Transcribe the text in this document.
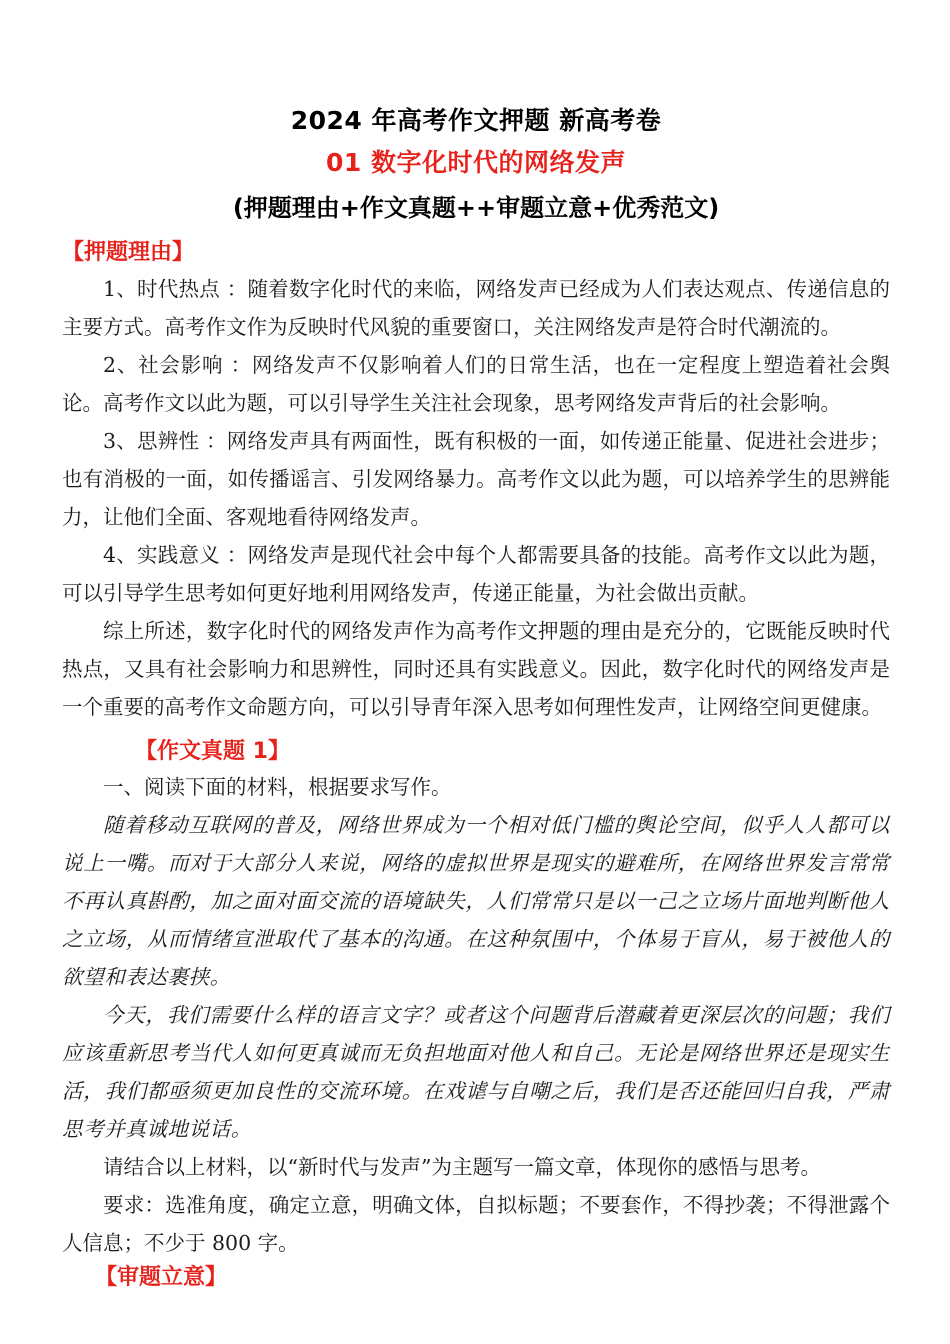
2024 年高考作文押题 新高考卷
01 数字化时代的网络发声
(押题理由+作文真题++审题立意+优秀范文)
【押题理由】

1、时代热点 ：随着数字化时代的来临，网络发声已经成为人们表达观点、传递信息的主要方式。高考作文作为反映时代风貌的重要窗口，关注网络发声是符合时代潮流的。

2、社会影响 ：网络发声不仅影响着人们的日常生活，也在一定程度上塑造着社会舆论。高考作文以此为题，可以引导学生关注社会现象，思考网络发声背后的社会影响。

3、思辨性 ：网络发声具有两面性，既有积极的一面，如传递正能量、促进社会进步；也有消极的一面，如传播谣言、引发网络暴力。高考作文以此为题，可以培养学生的思辨能力，让他们全面、客观地看待网络发声。

4、实践意义 ：网络发声是现代社会中每个人都需要具备的技能。高考作文以此为题，可以引导学生思考如何更好地利用网络发声，传递正能量，为社会做出贡献。

综上所述，数字化时代的网络发声作为高考作文押题的理由是充分的，它既能反映时代热点，又具有社会影响力和思辨性，同时还具有实践意义。因此，数字化时代的网络发声是一个重要的高考作文命题方向，可以引导青年深入思考如何理性发声，让网络空间更健康。

【作文真题 1】

一、阅读下面的材料，根据要求写作。

随着移动互联网的普及，网络世界成为一个相对低门槛的舆论空间，似乎人人都可以说上一嘴。而对于大部分人来说，网络的虚拟世界是现实的避难所，在网络世界发言常常不再认真斟酌，加之面对面交流的语境缺失，人们常常只是以一己之立场片面地判断他人之立场，从而情绪宣泄取代了基本的沟通。在这种氛围中，个体易于盲从，易于被他人的欲望和表达裹挟。

今天，我们需要什么样的语言文字？或者这个问题背后潜藏着更深层次的问题；我们应该重新思考当代人如何更真诚而无负担地面对他人和自己。无论是网络世界还是现实生活，我们都亟须更加良性的交流环境。在戏谑与自嘲之后，我们是否还能回归自我，严肃思考并真诚地说话。

请结合以上材料，以“新时代与发声”为主题写一篇文章，体现你的感悟与思考。

要求：选准角度，确定立意，明确文体，自拟标题；不要套作，不得抄袭；不得泄露个人信息；不少于 800 字。

【审题立意】
